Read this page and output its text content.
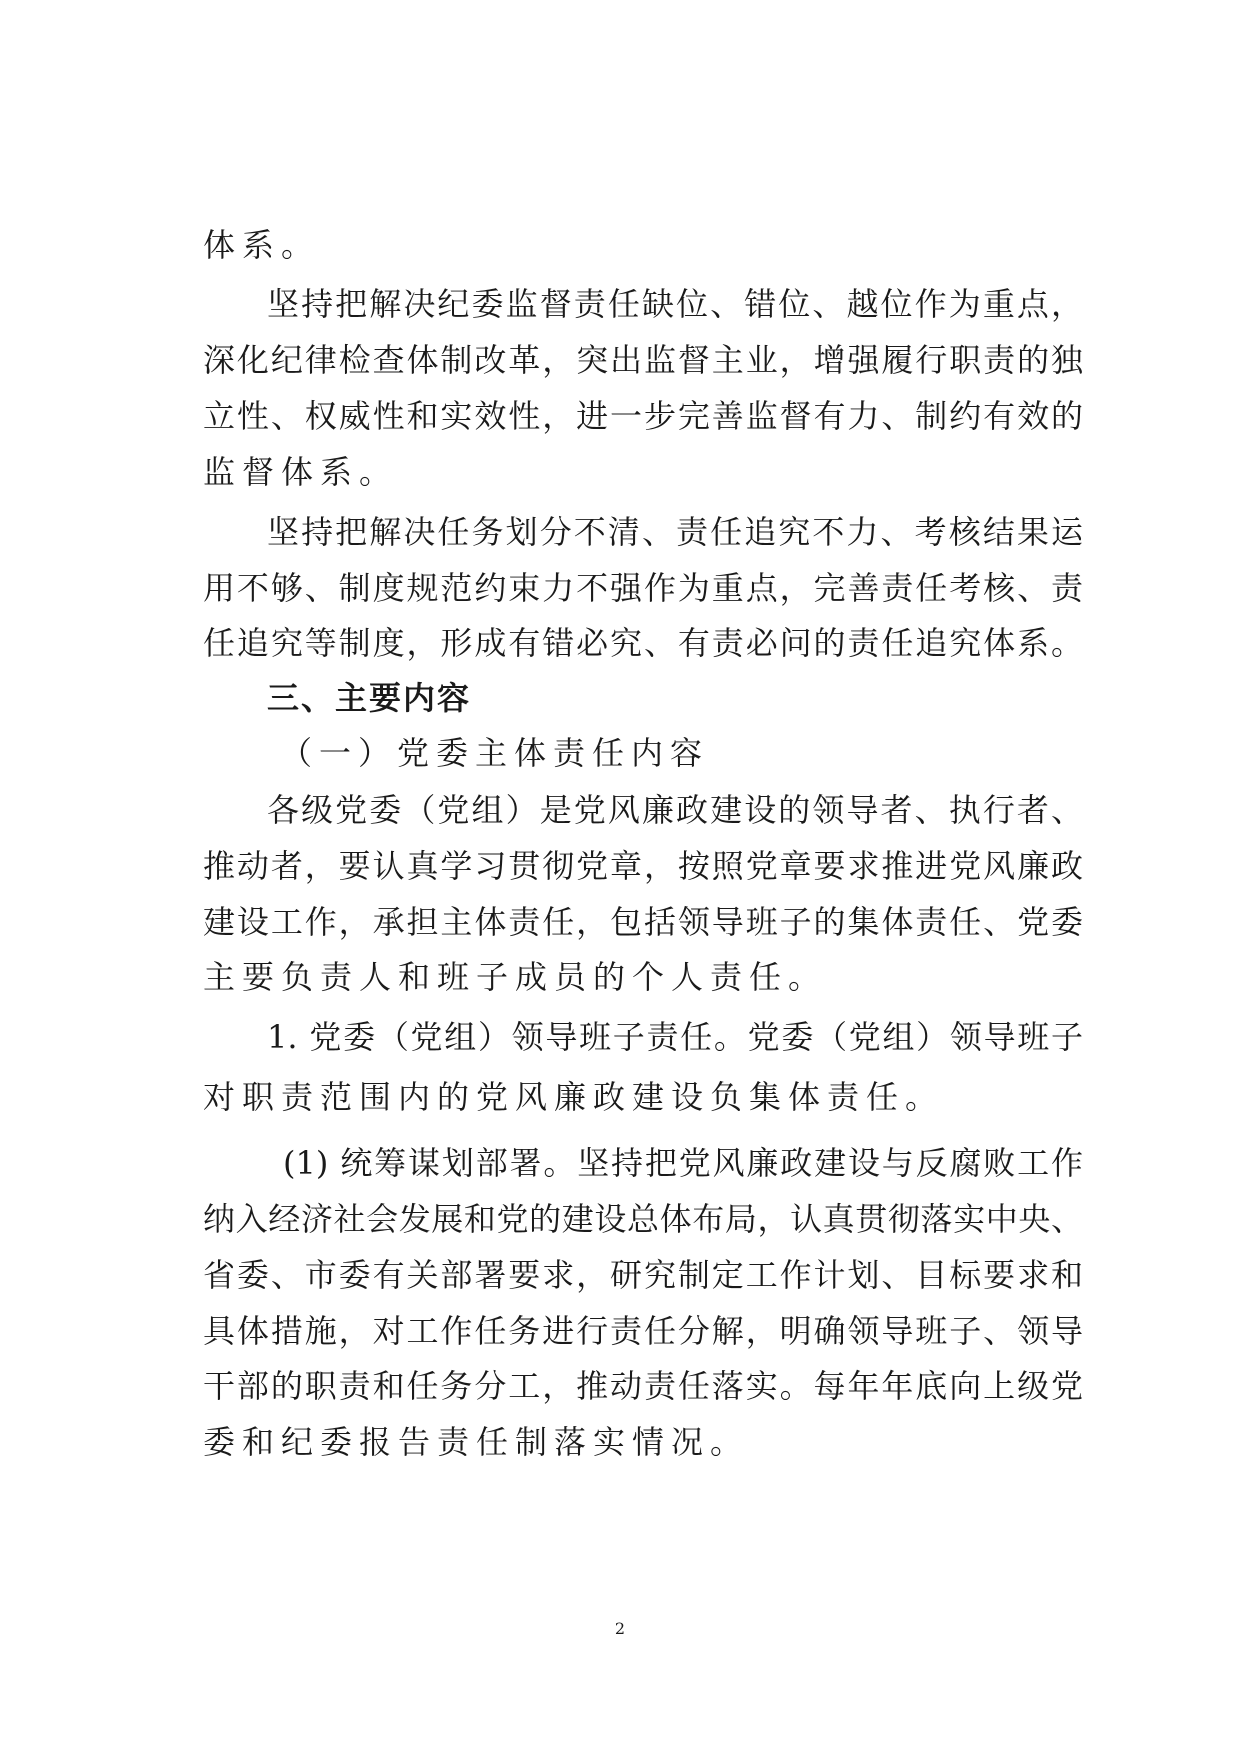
体系。
坚持把解决纪委监督责任缺位、错位、越位作为重点，
深化纪律检查体制改革，突出监督主业，增强履行职责的独
立性、权威性和实效性，进一步完善监督有力、制约有效的
监督体系。
坚持把解决任务划分不清、责任追究不力、考核结果运
用不够、制度规范约束力不强作为重点，完善责任考核、责
任追究等制度，形成有错必究、有责必问的责任追究体系。
三、主要内容
（一）党委主体责任内容
各级党委（党组）是党风廉政建设的领导者、执行者、
推动者，要认真学习贯彻党章，按照党章要求推进党风廉政
建设工作，承担主体责任，包括领导班子的集体责任、党委
主要负责人和班子成员的个人责任。
1. 党委（党组）领导班子责任。党委（党组）领导班子
对职责范围内的党风廉政建设负集体责任。
(1) 统筹谋划部署。坚持把党风廉政建设与反腐败工作
纳入经济社会发展和党的建设总体布局，认真贯彻落实中央、
省委、市委有关部署要求，研究制定工作计划、目标要求和
具体措施，对工作任务进行责任分解，明确领导班子、领导
干部的职责和任务分工，推动责任落实。每年年底向上级党
委和纪委报告责任制落实情况。
2
